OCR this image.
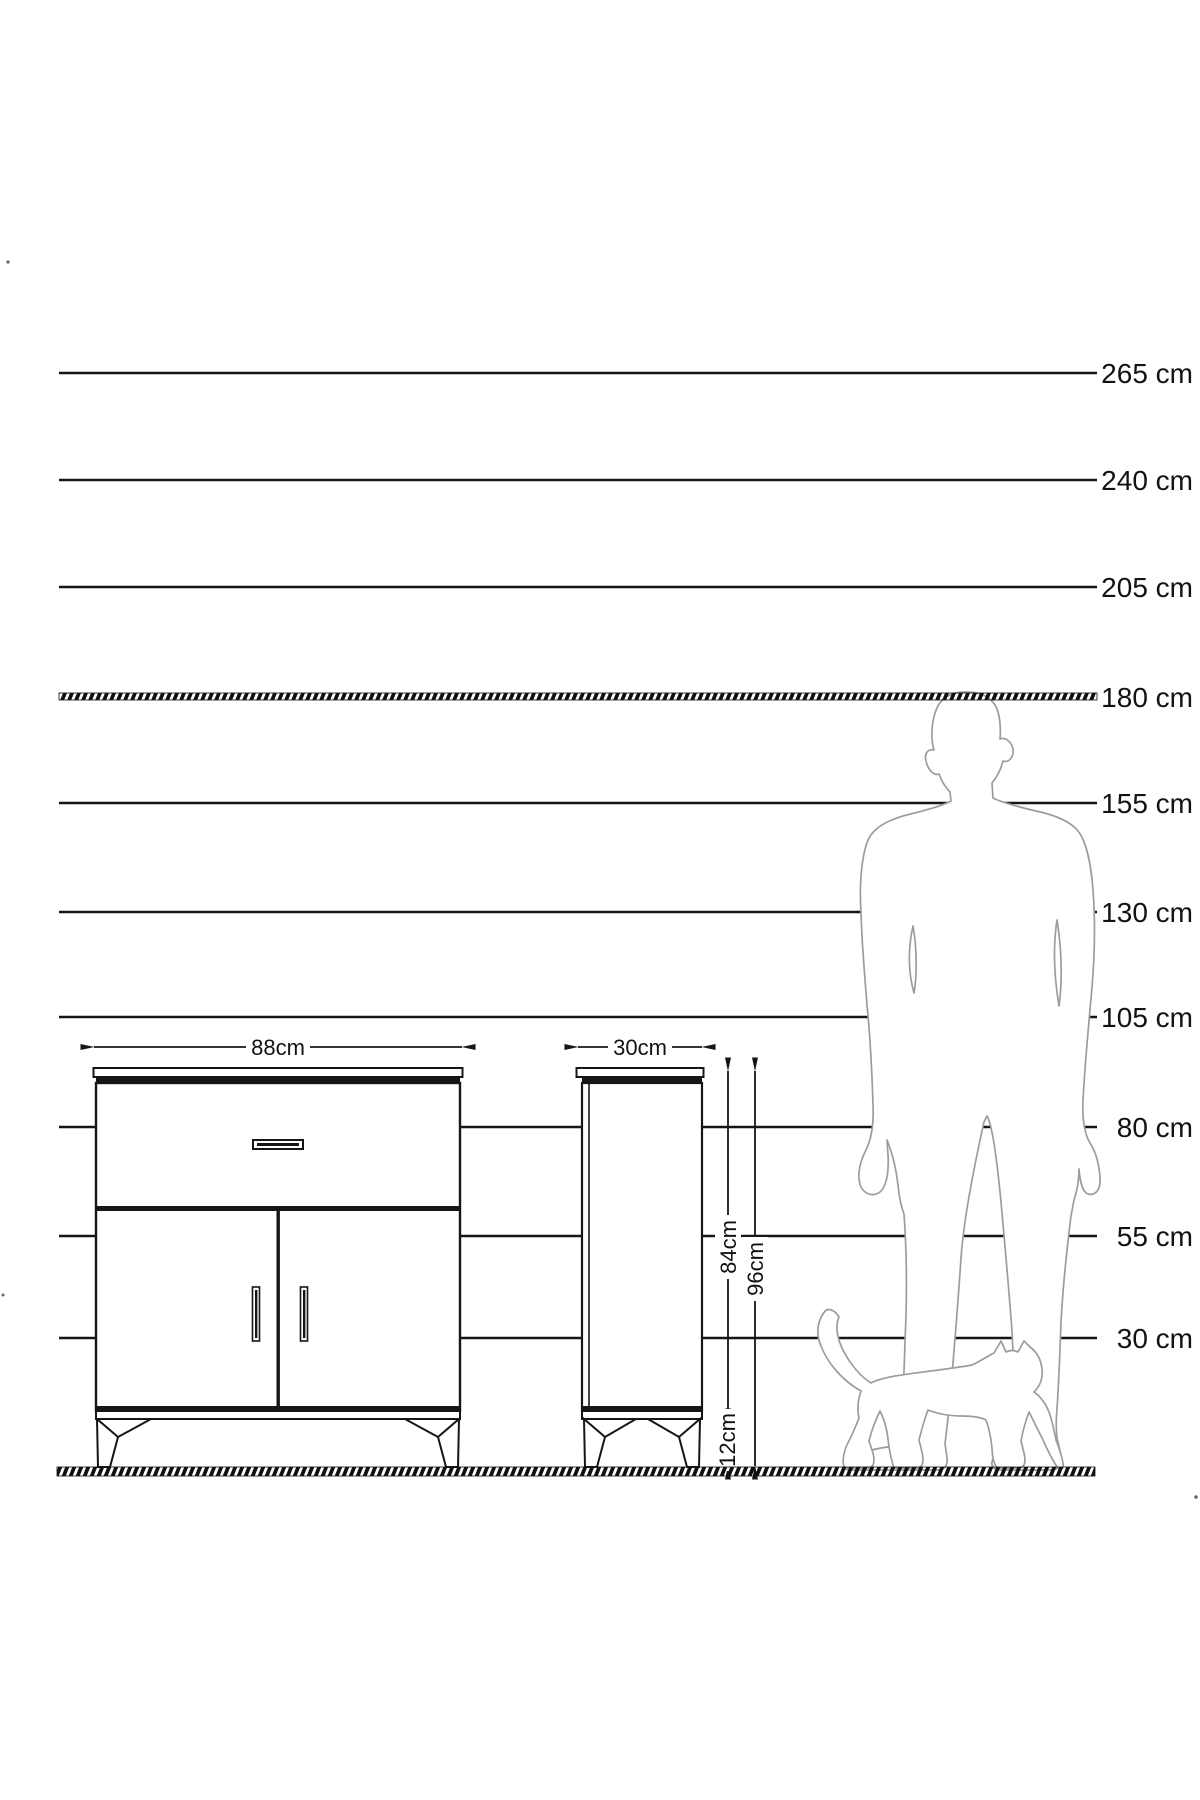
88cm	30cm
84cm 96cm
12cm
265 cm
240 cm
205 cm
180 cm
155 cm
130 cm
105 cm
80 cm
55 cm
30 cm
